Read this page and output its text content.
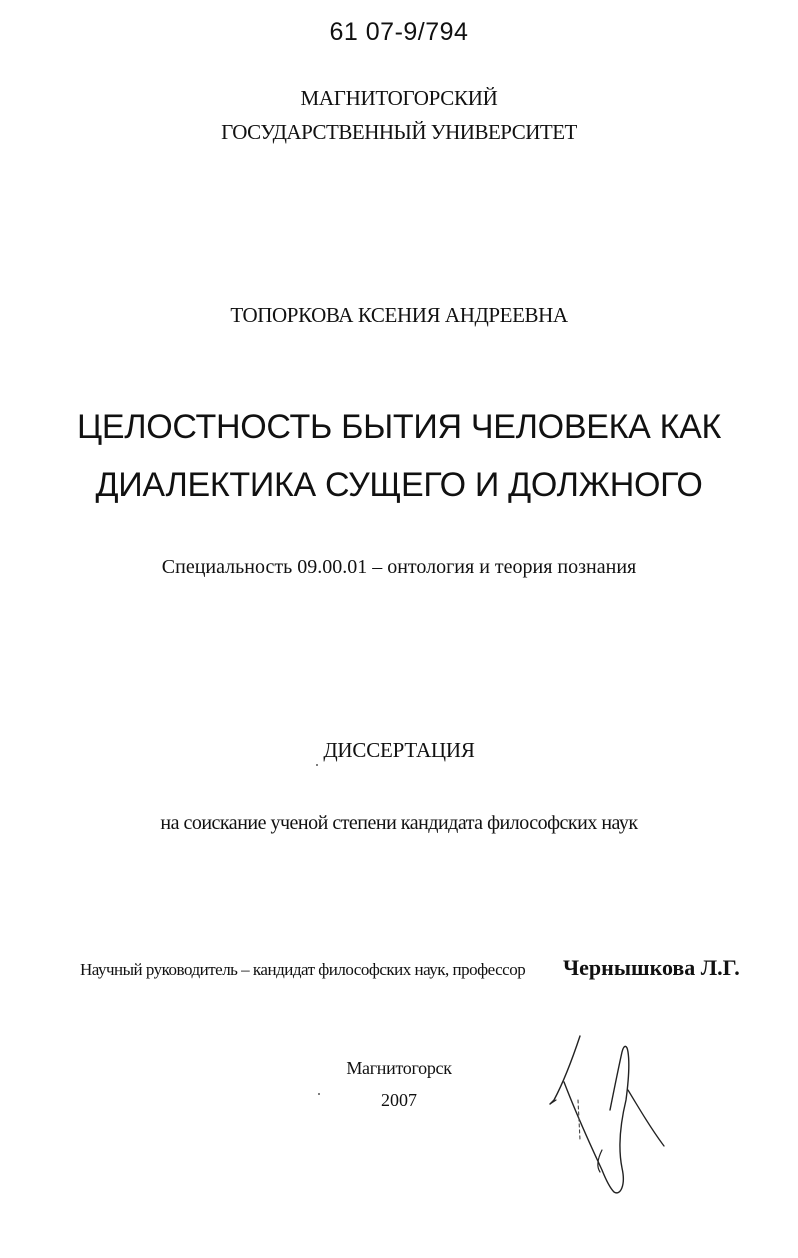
61 07-9/794
МАГНИТОГОРСКИЙ
ГОСУДАРСТВЕННЫЙ УНИВЕРСИТЕТ
ТОПОРКОВА КСЕНИЯ АНДРЕЕВНА
ЦЕЛОСТНОСТЬ БЫТИЯ ЧЕЛОВЕКА КАК
ДИАЛЕКТИКА СУЩЕГО И ДОЛЖНОГО
Специальность 09.00.01 – онтология и теория познания
ДИССЕРТАЦИЯ
на соискание ученой степени кандидата философских наук
Научный руководитель – кандидат философских наук, профессор Чернышкова Л.Г.
Магнитогорск
2007
